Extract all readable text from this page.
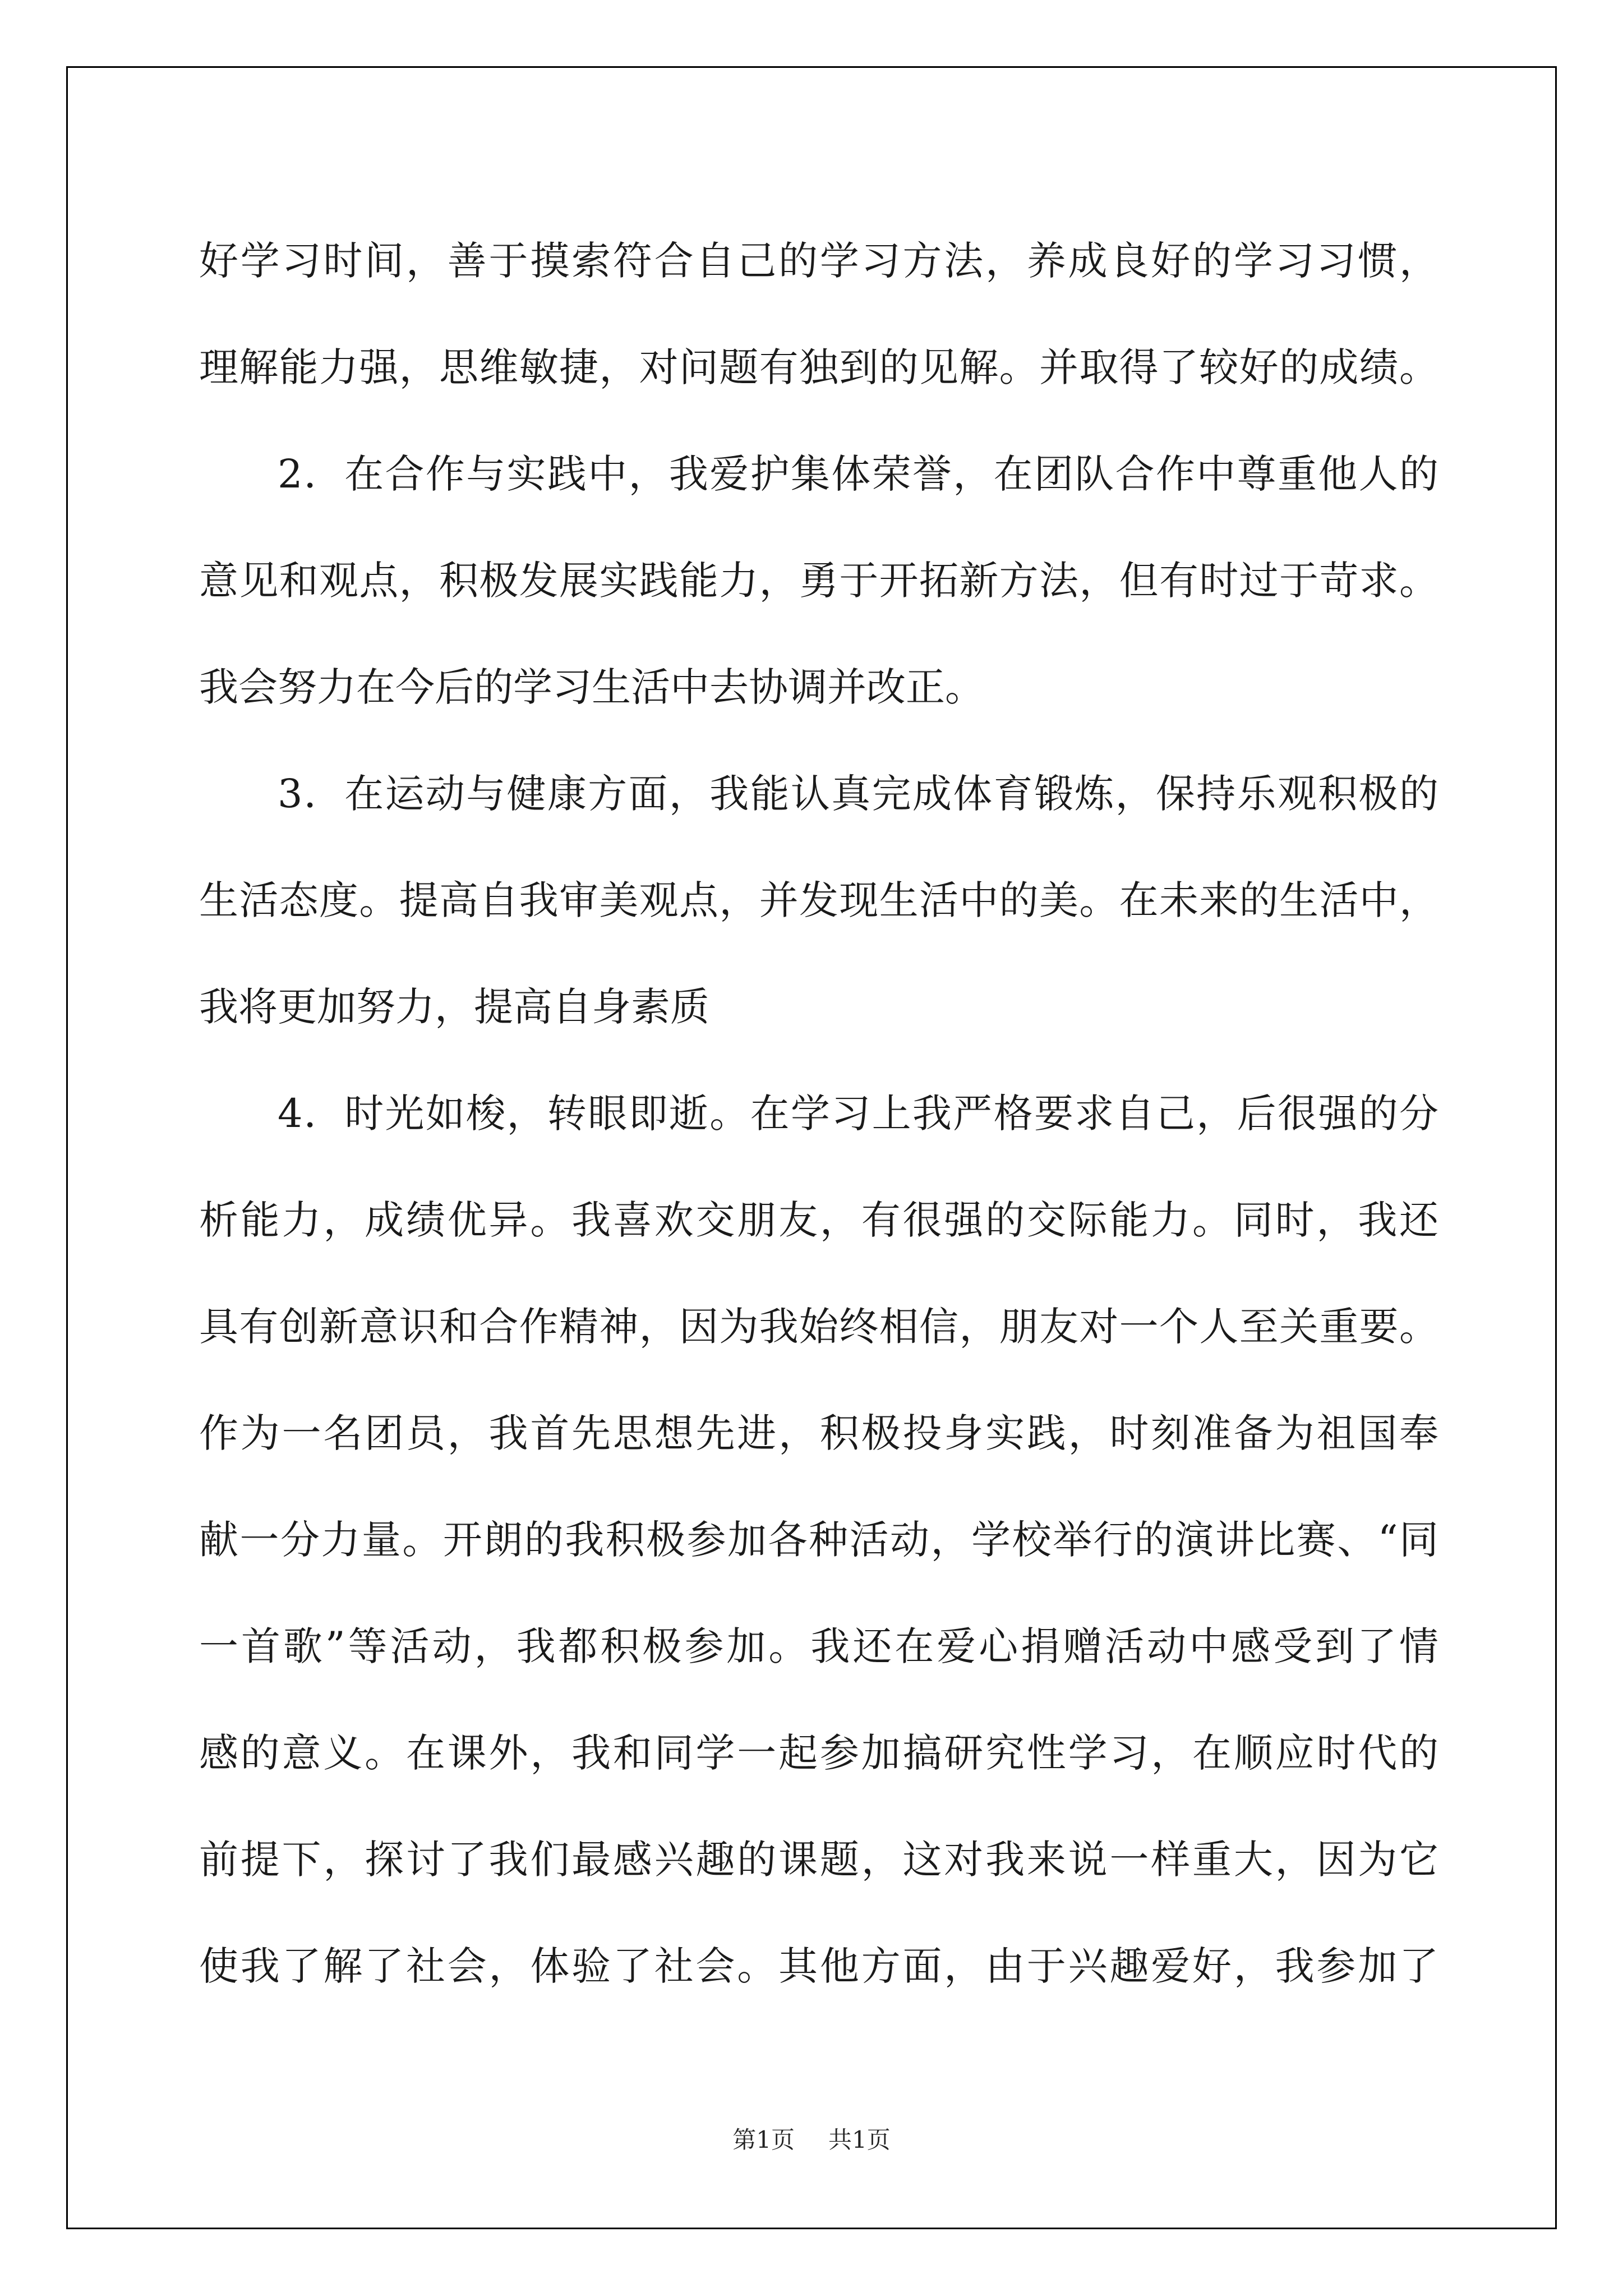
好学习时间，善于摸索符合自己的学习方法，养成良好的学习习惯，
理解能力强，思维敏捷，对问题有独到的见解。并取得了较好的成绩。
2．在合作与实践中，我爱护集体荣誉，在团队合作中尊重他人的
意见和观点，积极发展实践能力，勇于开拓新方法，但有时过于苛求。
我会努力在今后的学习生活中去协调并改正。
3．在运动与健康方面，我能认真完成体育锻炼，保持乐观积极的
生活态度。提高自我审美观点，并发现生活中的美。在未来的生活中，
我将更加努力，提高自身素质
4．时光如梭，转眼即逝。在学习上我严格要求自己，后很强的分
析能力，成绩优异。我喜欢交朋友，有很强的交际能力。同时，我还
具有创新意识和合作精神，因为我始终相信，朋友对一个人至关重要。
作为一名团员，我首先思想先进，积极投身实践，时刻准备为祖国奉
献一分力量。开朗的我积极参加各种活动，学校举行的演讲比赛、“同
一首歌”等活动，我都积极参加。我还在爱心捐赠活动中感受到了情
感的意义。在课外，我和同学一起参加搞研究性学习，在顺应时代的
前提下，探讨了我们最感兴趣的课题，这对我来说一样重大，因为它
使我了解了社会，体验了社会。其他方面，由于兴趣爱好，我参加了
第1页 共1页
